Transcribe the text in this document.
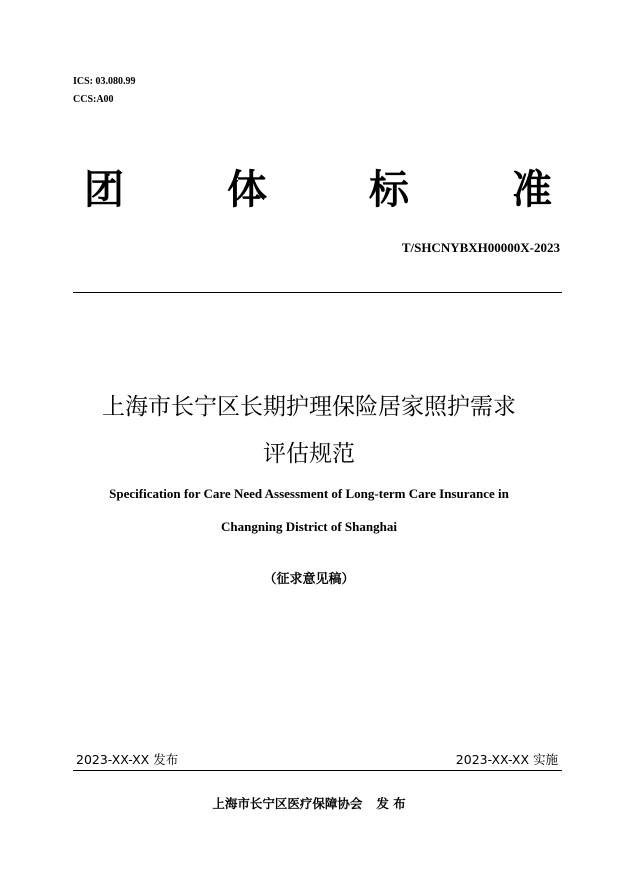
ICS: 03.080.99
CCS:A00
团	体	标	准
T/SHCNYBXH00000X-2023
上海市长宁区长期护理保险居家照护需求
评估规范
Specification for Care Need Assessment of Long-term Care Insurance in
Changning District of Shanghai
（征求意见稿）
2023-XX-XX 发布	2023-XX-XX 实施
上海市长宁区医疗保障协会 发 布
